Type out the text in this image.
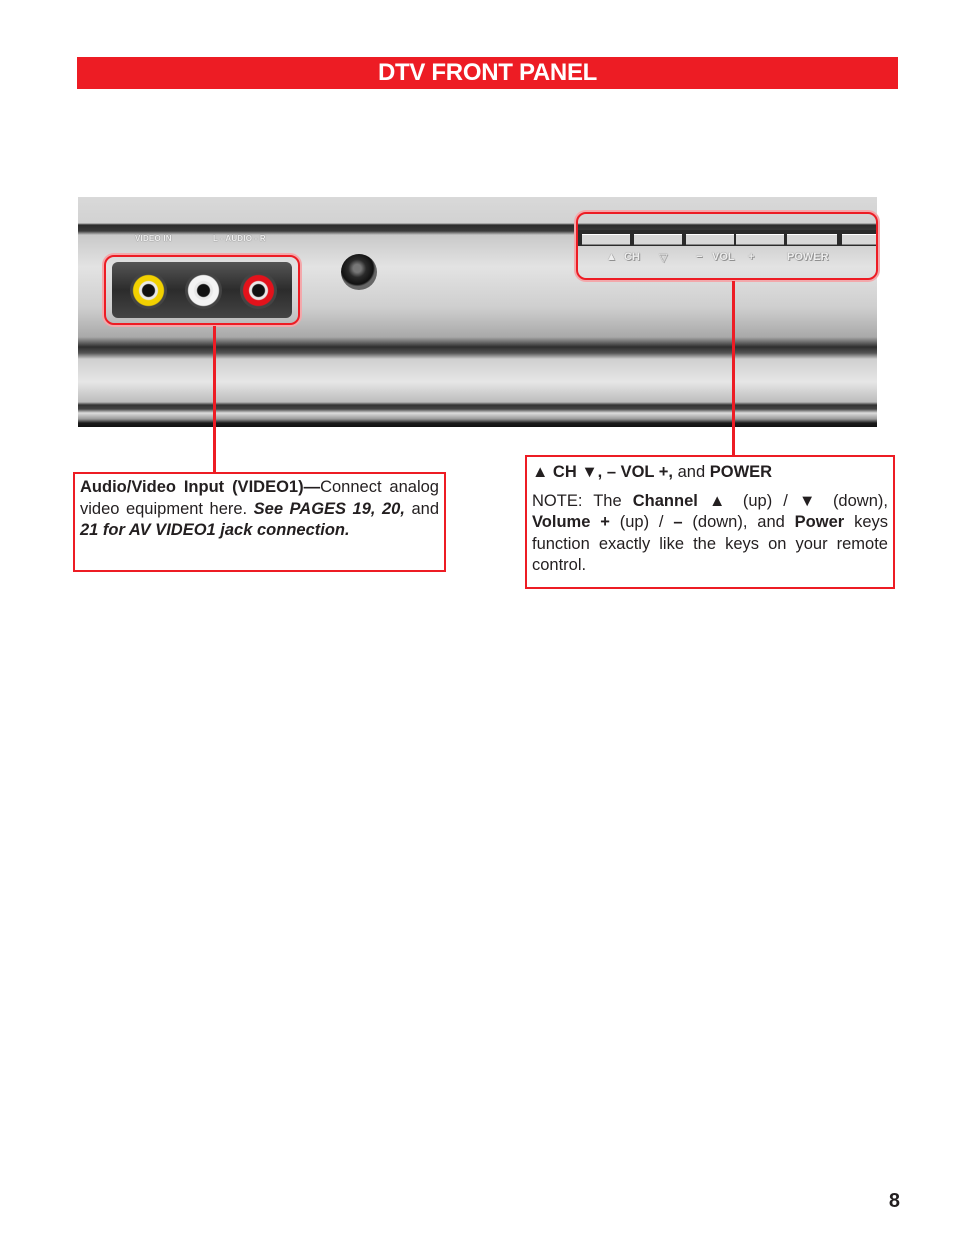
DTV FRONT PANEL
VIDEO IN	L - AUDIO - R
▲ CH ▽	− VOL +	POWER

Audio/Video Input (VIDEO1)—Connect analog video equipment here. See PAGES 19, 20, and 21 for AV VIDEO1 jack connection.

▲ CH ▼, – VOL +, and POWER

NOTE: The Channel ▲ (up) / ▼ (down), Volume + (up) / – (down), and Power keys function exactly like the keys on your remote control.

8
